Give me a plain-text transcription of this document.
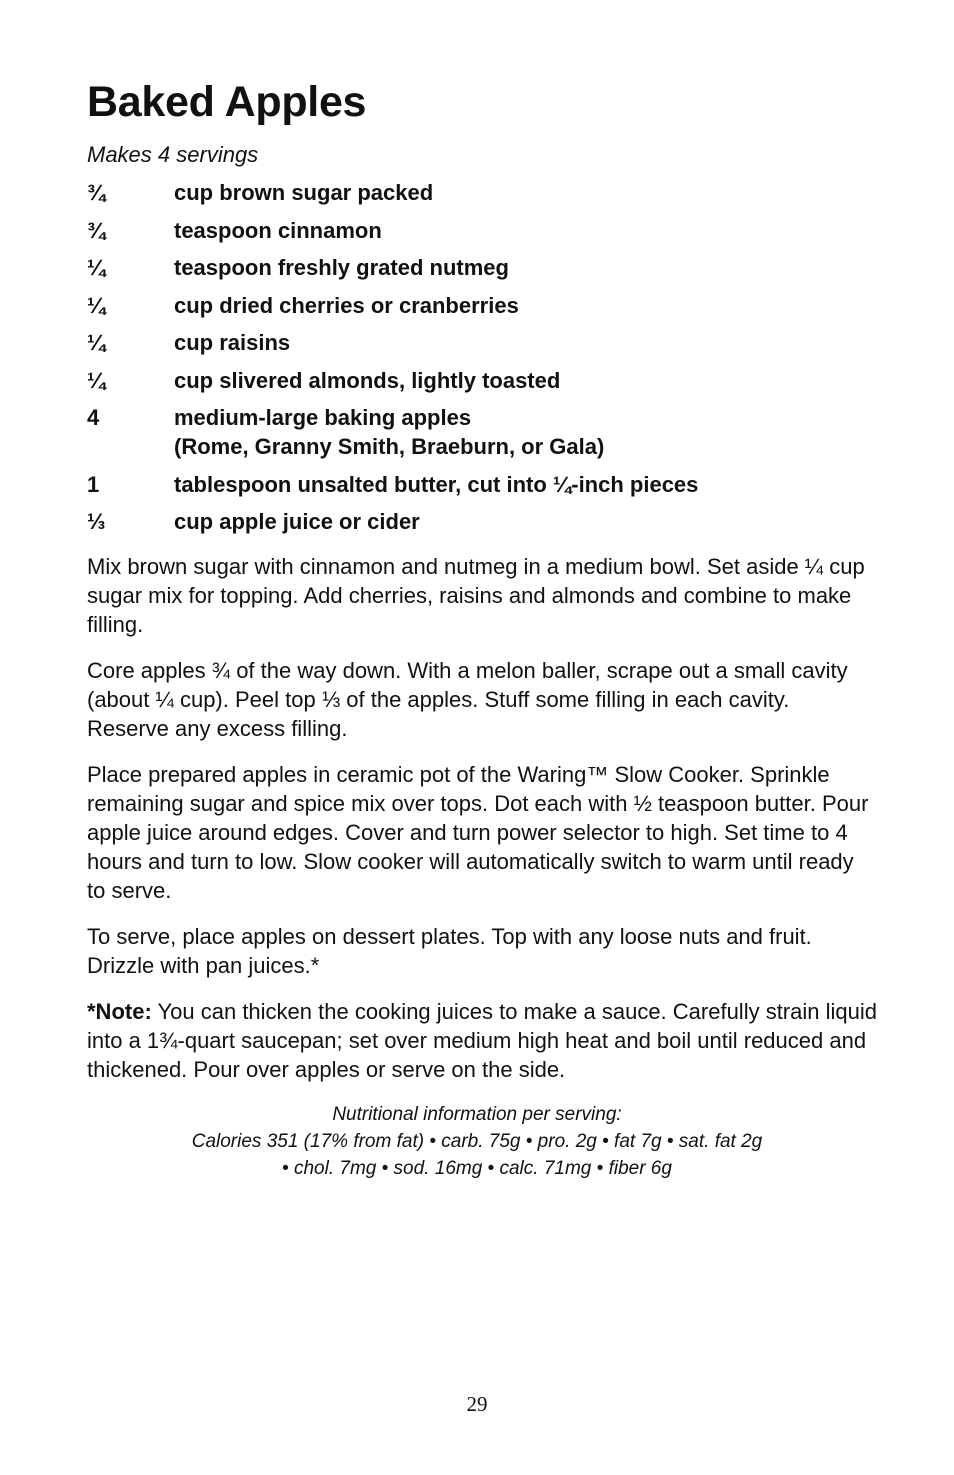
Baked Apples
Makes 4 servings
¾	cup brown sugar packed
¾	teaspoon cinnamon
¼	teaspoon freshly grated nutmeg
¼	cup dried cherries or cranberries
¼	cup raisins
¼	cup slivered almonds, lightly toasted
4	medium-large baking apples
(Rome, Granny Smith, Braeburn, or Gala)
1	tablespoon unsalted butter, cut into ¼-inch pieces
⅓	cup apple juice or cider

Mix brown sugar with cinnamon and nutmeg in a medium bowl. Set aside ¼ cup sugar mix for topping. Add cherries, raisins and almonds and combine to make filling.

Core apples ¾ of the way down. With a melon baller, scrape out a small cavity (about ¼ cup). Peel top ⅓ of the apples. Stuff some filling in each cavity. Reserve any excess filling.

Place prepared apples in ceramic pot of the Waring™ Slow Cooker. Sprinkle remaining sugar and spice mix over tops. Dot each with ½ teaspoon butter. Pour apple juice around edges. Cover and turn power selector to high. Set time to 4 hours and turn to low. Slow cooker will automatically switch to warm until ready to serve.

To serve, place apples on dessert plates. Top with any loose nuts and fruit. Drizzle with pan juices.*

*Note: You can thicken the cooking juices to make a sauce. Carefully strain liquid into a 1¾-quart saucepan; set over medium high heat and boil until reduced and thickened. Pour over apples or serve on the side.

Nutritional information per serving:
Calories 351 (17% from fat) • carb. 75g • pro. 2g • fat 7g • sat. fat 2g
• chol. 7mg • sod. 16mg • calc. 71mg • fiber 6g
29
